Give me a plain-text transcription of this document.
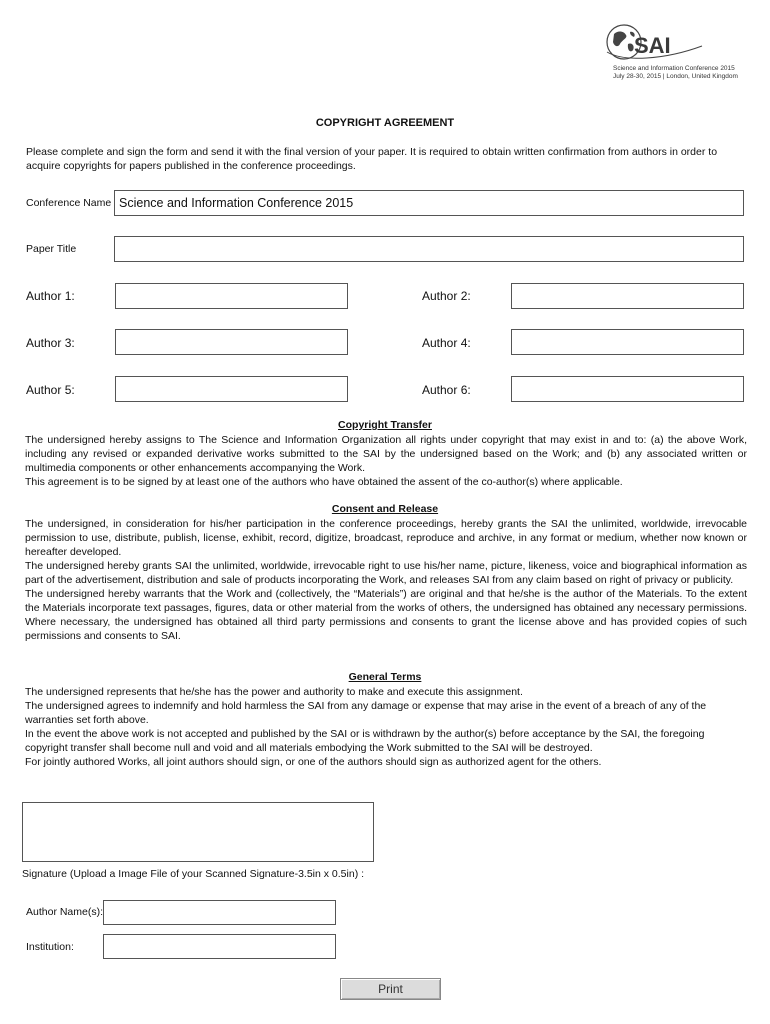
SAI
Science and Information Conference 2015
July 28-30, 2015 | London, United Kingdom
COPYRIGHT AGREEMENT
Please complete and sign the form and send it with the final version of your paper. It is required to obtain written confirmation from authors in order to acquire copyrights for papers published in the conference proceedings.
Conference Name Science and Information Conference 2015
Paper Title
Author 1:	Author 2:
Author 3:	Author 4:
Author 5:	Author 6:
Copyright Transfer

The undersigned hereby assigns to The Science and Information Organization all rights under copyright that may exist in and to: (a) the above Work, including any revised or expanded derivative works submitted to the SAI by the undersigned based on the Work; and (b) any associated written or multimedia components or other enhancements accompanying the Work.

This agreement is to be signed by at least one of the authors who have obtained the assent of the co-author(s) where applicable.

Consent and Release

The undersigned, in consideration for his/her participation in the conference proceedings, hereby grants the SAI the unlimited, worldwide, irrevocable permission to use, distribute, publish, license, exhibit, record, digitize, broadcast, reproduce and archive, in any format or medium, whether now known or hereafter developed.

The undersigned hereby grants SAI the unlimited, worldwide, irrevocable right to use his/her name, picture, likeness, voice and biographical information as part of the advertisement, distribution and sale of products incorporating the Work, and releases SAI from any claim based on right of privacy or publicity.

The undersigned hereby warrants that the Work and (collectively, the “Materials”) are original and that he/she is the author of the Materials. To the extent the Materials incorporate text passages, figures, data or other material from the works of others, the undersigned has obtained any necessary permissions. Where necessary, the undersigned has obtained all third party permissions and consents to grant the license above and has provided copies of such permissions and consents to SAI.

General Terms

The undersigned represents that he/she has the power and authority to make and execute this assignment.

The undersigned agrees to indemnify and hold harmless the SAI from any damage or expense that may arise in the event of a breach of any of the warranties set forth above.

In the event the above work is not accepted and published by the SAI or is withdrawn by the author(s) before acceptance by the SAI, the foregoing copyright transfer shall become null and void and all materials embodying the Work submitted to the SAI will be destroyed.

For jointly authored Works, all joint authors should sign, or one of the authors should sign as authorized agent for the others.

Signature (Upload a Image File of your Scanned Signature-3.5in x 0.5in) :
Author Name(s):
Institution:
Print
